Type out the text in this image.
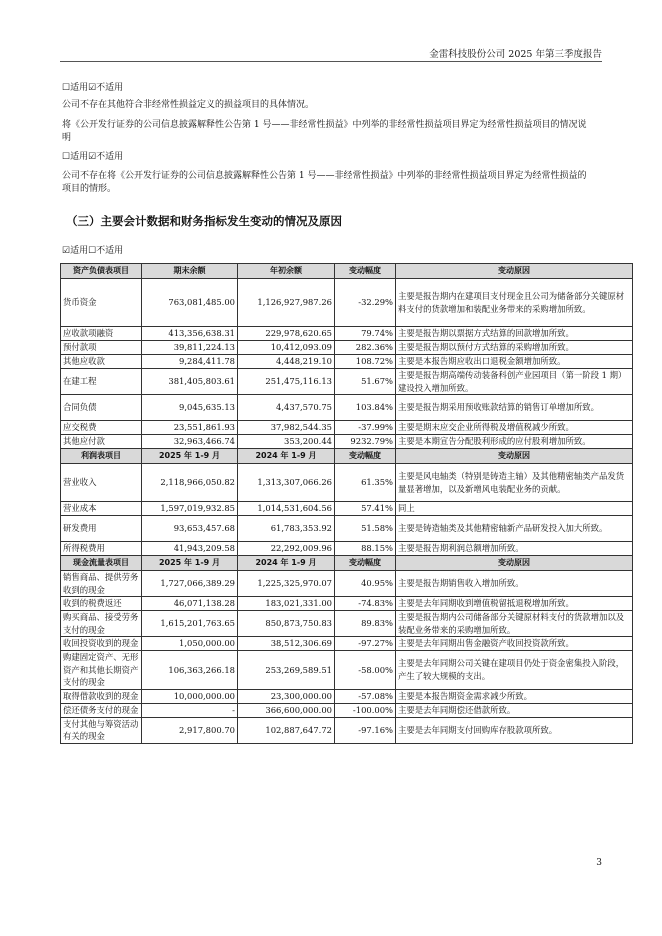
金雷科技股份公司 2025 年第三季度报告
☐适用☑不适用
公司不存在其他符合非经常性损益定义的损益项目的具体情况。
将《公开发行证券的公司信息披露解释性公告第 1 号——非经常性损益》中列举的非经常性损益项目界定为经常性损益项目的情况说明
☐适用☑不适用
公司不存在将《公开发行证券的公司信息披露解释性公告第 1 号——非经常性损益》中列举的非经常性损益项目界定为经常性损益的项目的情形。
（三）主要会计数据和财务指标发生变动的情况及原因
☑适用☐不适用
资产负债表项目	期末余额	年初余额	变动幅度	变动原因
货币资金	763,081,485.00	1,126,927,987.26	-32.29%	主要是报告期内在建项目支付现金且公司为储备部分关键原材料支付的货款增加和装配业务带来的采购增加所致。
应收款项融资	413,356,638.31	229,978,620.65	79.74%	主要是报告期以票据方式结算的回款增加所致。
预付款项	39,811,224.13	10,412,093.09	282.36%	主要是报告期以预付方式结算的采购增加所致。
其他应收款	9,284,411.78	4,448,219.10	108.72%	主要是本报告期应收出口退税金额增加所致。
在建工程	381,405,803.61	251,475,116.13	51.67%	主要是报告期高端传动装备科创产业园项目（第一阶段 1 期）建设投入增加所致。
合同负债	9,045,635.13	4,437,570.75	103.84%	主要是报告期采用预收账款结算的销售订单增加所致。
应交税费	23,551,861.93	37,982,544.35	-37.99%	主要是期末应交企业所得税及增值税减少所致。
其他应付款	32,963,466.74	353,200.44	9232.79%	主要是本期宣告分配股利形成的应付股利增加所致。
利润表项目	2025 年 1-9 月	2024 年 1-9 月	变动幅度	变动原因
营业收入	2,118,966,050.82	1,313,307,066.26	61.35%	主要是风电轴类（特别是铸造主轴）及其他精密轴类产品发货量显著增加，以及新增风电装配业务的贡献。
营业成本	1,597,019,932.85	1,014,531,604.56	57.41%	同上
研发费用	93,653,457.68	61,783,353.92	51.58%	主要是铸造轴类及其他精密轴新产品研发投入加大所致。
所得税费用	41,943,209.58	22,292,009.96	88.15%	主要是报告期利润总额增加所致。
现金流量表项目	2025 年 1-9 月	2024 年 1-9 月	变动幅度	变动原因
销售商品、提供劳务收到的现金	1,727,066,389.29	1,225,325,970.07	40.95%	主要是报告期销售收入增加所致。
收到的税费返还	46,071,138.28	183,021,331.00	-74.83%	主要是去年同期收到增值税留抵退税增加所致。
购买商品、接受劳务支付的现金	1,615,201,763.65	850,873,750.83	89.83%	主要是报告期内公司储备部分关键原材料支付的货款增加以及装配业务带来的采购增加所致。
收回投资收到的现金	1,050,000.00	38,512,306.69	-97.27%	主要是去年同期出售金融资产收回投资款所致。
购建固定资产、无形资产和其他长期资产支付的现金	106,363,266.18	253,269,589.51	-58.00%	主要是去年同期公司关键在建项目仍处于资金密集投入阶段，产生了较大规模的支出。
取得借款收到的现金	10,000,000.00	23,300,000.00	-57.08%	主要是本报告期资金需求减少所致。
偿还债务支付的现金	-	366,600,000.00	-100.00%	主要是去年同期偿还借款所致。
支付其他与筹资活动有关的现金	2,917,800.70	102,887,647.72	-97.16%	主要是去年同期支付回购库存股款项所致。
3
